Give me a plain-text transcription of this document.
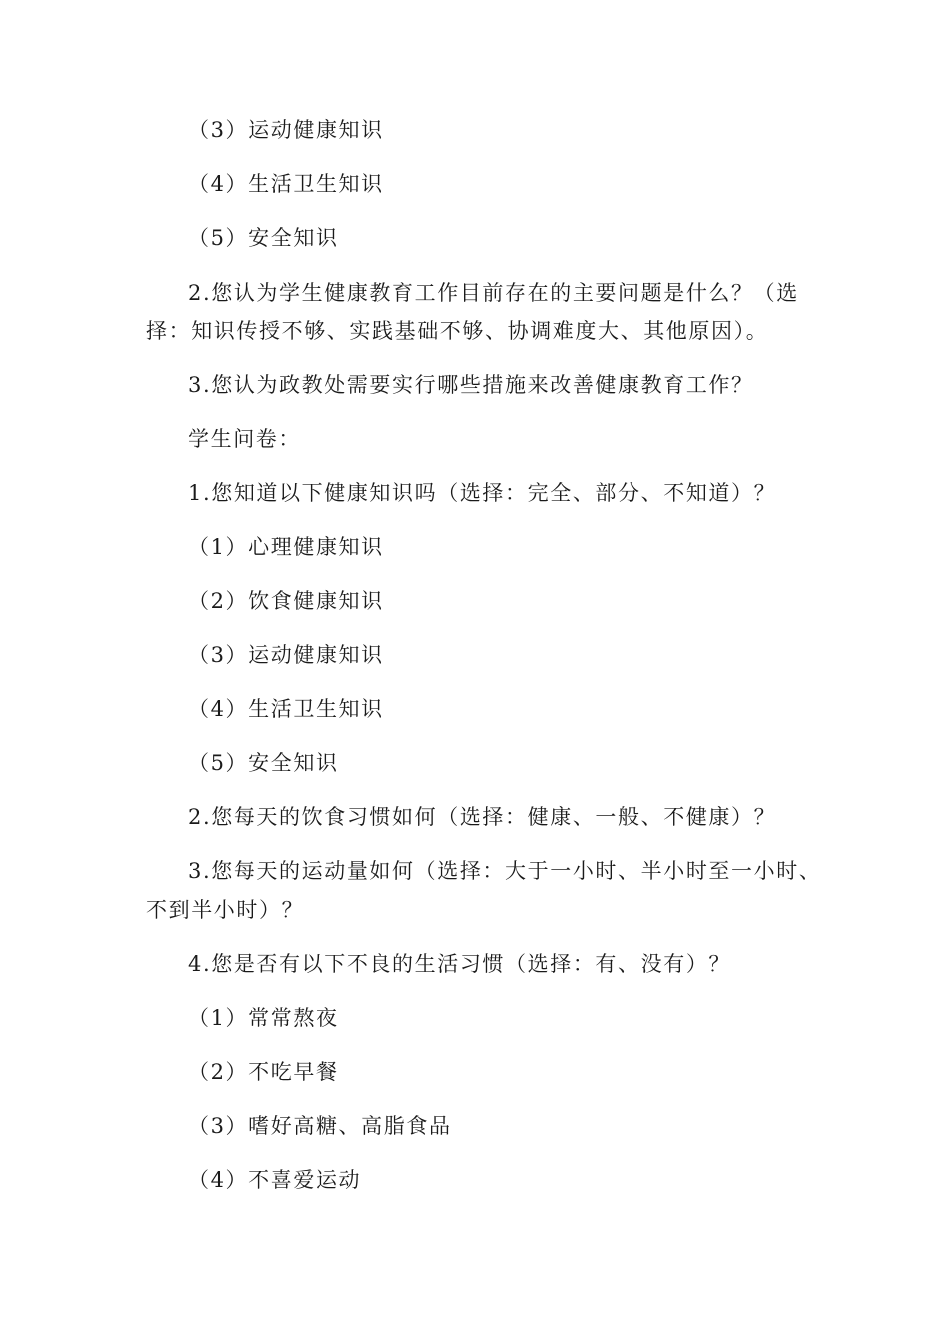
（3）运动健康知识
（4）生活卫生知识
（5）安全知识
2.您认为学生健康教育工作目前存在的主要问题是什么？（选
择：知识传授不够、实践基础不够、协调难度大、其他原因）。
3.您认为政教处需要实行哪些措施来改善健康教育工作？
学生问卷：
1.您知道以下健康知识吗（选择：完全、部分、不知道）？
（1）心理健康知识
（2）饮食健康知识
（3）运动健康知识
（4）生活卫生知识
（5）安全知识
2.您每天的饮食习惯如何（选择：健康、一般、不健康）？
3.您每天的运动量如何（选择：大于一小时、半小时至一小时、
不到半小时）？
4.您是否有以下不良的生活习惯（选择：有、没有）？
（1）常常熬夜
（2）不吃早餐
（3）嗜好高糖、高脂食品
（4）不喜爱运动
